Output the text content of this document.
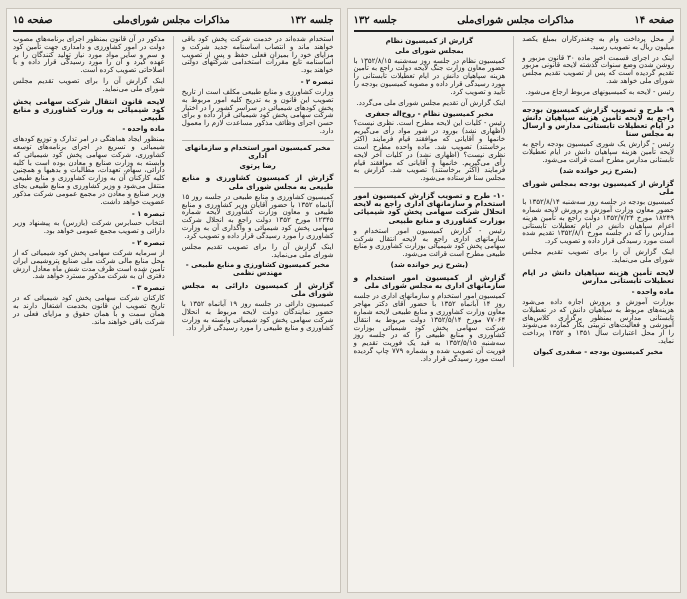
صفحه ۱۵	مذاکرات مجلس شورای‌ملی	جلسه ۱۳۲
استخدام شده‌اند در خدمت شرکت پخش کود باقی خواهند ماند و انتصاب اساسنامه جدید شرکت و مزایای خود را بمیزان فعلی حفظ و پس از تصویب اساسنامه تابع مقررات استخدامی شرکتهای دولتی خواهند بود.
تبصره ۲ -
وزارت کشاورزی و منابع طبیعی مکلف است از تاریخ تصویب این قانون و به تدریج کلیه امور مربوط به پخش کودهای شیمیائی در سراسر کشور را در اختیار شرکت سهامی پخش کود شیمیائی قرار داده و برای حسن اجرای وظائف مذکور مساعدت لازم را معمول دارد.
مخبر کمیسیون امور استخدام و سازمانهای اداری
رضا پرتوی
گزارش از کمیسیون کشاورزی و منابع طبیعی به مجلس شورای ملی
کمیسیون کشاورزی و منابع طبیعی در جلسه روز ۱۵ آبانماه ۱۳۵۲ با حضور آقایان وزیر کشاورزی و منابع طبیعی و معاون وزارت کشاورزی لایحه شماره ۱۲۳۴۵ مورخ ۱۳۵۲ دولت راجع به انحلال شرکت سهامی پخش کود شیمیائی و واگذاری آن به وزارت کشاورزی را مورد رسیدگی قرار داده و تصویب کرد.
اینک گزارش آن را برای تصویب تقدیم مجلس شورای ملی می‌نماید.
مخبر کمیسیون کشاورزی و منابع طبیعی - مهندس نظمی
گزارش از کمیسیون دارائی به مجلس شورای ملی
کمیسیون دارائی در جلسه روز ۱۹ آبانماه ۱۳۵۲ با حضور نمایندگان دولت لایحه مربوط به انحلال شرکت سهامی پخش کود شیمیائی وابسته به وزارت کشاورزی و منابع طبیعی را مورد رسیدگی قرار داد.
مذکور در آن قانون بمنظور اجرای برنامه‌های مصوب دولت در امور کشاورزی و دامداری جهت تأمین کود و سم و سایر مواد مورد نیاز تولید کنندگان را بر عهده گیرد و آن را مورد رسیدگی قرار داده و با اصلاحاتی تصویب کرده است.
اینک گزارش آن را برای تصویب تقدیم مجلس شورای ملی می‌نماید.
لایحه قانون انتقال شرکت سهامی پخش کود شیمیائی به وزارت کشاورزی و منابع طبیعی
ماده واحده -
بمنظور ایجاد هماهنگی در امر تدارک و توزیع کودهای شیمیائی و تسریع در اجرای برنامه‌های توسعه کشاورزی، شرکت سهامی پخش کود شیمیائی که وابسته به وزارت صنایع و معادن بوده است با کلیه دارائی، سهام، تعهدات، مطالبات و بدهیها و همچنین کلیه کارکنان آن به وزارت کشاورزی و منابع طبیعی منتقل می‌شود و وزیر کشاورزی و منابع طبیعی بجای وزیر صنایع و معادن در مجمع عمومی شرکت مذکور عضویت خواهد داشت.
تبصره ۱ -
انتخاب حسابرس شرکت (بازرس) به پیشنهاد وزیر دارائی و تصویب مجمع عمومی خواهد بود.
تبصره ۲ -
از سرمایه شرکت سهامی پخش کود شیمیائی که از محل منابع مالی شرکت ملی صنایع پتروشیمی ایران تأمین شده است ظرف مدت شش ماه معادل ارزش دفتری آن به شرکت مذکور مسترد خواهد شد.
تبصره ۳ -
کارکنان شرکت سهامی پخش کود شیمیائی که در تاریخ تصویب این قانون بخدمت اشتغال دارند به همان سمت و با همان حقوق و مزایای فعلی در شرکت باقی خواهند ماند.
جلسه ۱۳۲	مذاکرات مجلس شورای‌ملی	صفحه ۱۴
از محل پرداخت وام به چغندرکاران بمبلغ یکصد میلیون ریال به تصویب رسید.
اینک در اجرای قسمت اخیر ماده ۳۰ قانون مزبور و روشن شدن وضع سنوات گذشته لایحه قانونی مزبور تقدیم گردیده است که پس از تصویب تقدیم مجلس شورای ملی خواهد شد.
رئیس - لایحه به کمیسیونهای مربوط ارجاع می‌شود.
۹- طرح و تصویب گزارش کمیسیون بودجه راجع به لایحه تأمین هزینه سپاهیان دانش در ایام تعطیلات تابستانی مدارس و ارسال به مجلس سنا
رئیس - گزارش یک شوری کمیسیون بودجه راجع به لایحه تأمین هزینه سپاهیان دانش در ایام تعطیلات تابستانی مدارس مطرح است قرائت می‌شود.
(بشرح زیر خوانده شد)
گزارش از کمیسیون بودجه بمجلس شورای ملی
کمیسیون بودجه در جلسه روز سه‌شنبه ۱۳۵۲/۸/۱۴ با حضور معاون وزارت آموزش و پرورش لایحه شماره ۱۸۲۴۹ مورخ ۱۳۵۲/۷/۲۴ دولت راجع به تأمین هزینه اعزام سپاهیان دانش در ایام تعطیلات تابستانی مدارس را که در جلسه مورخ ۱۳۵۲/۸/۱ تقدیم شده است مورد رسیدگی قرار داده و تصویب کرد.
اینک گزارش آن را برای تصویب تقدیم مجلس شورای ملی می‌نماید.
لایحه تأمین هزینه سپاهیان دانش در ایام تعطیلات تابستانی مدارس
ماده واحده -
بوزارت آموزش و پرورش اجازه داده می‌شود هزینه‌های مربوط به سپاهیان دانش که در تعطیلات تابستانی مدارس بمنظور برگزاری کلاس‌های آموزشی و فعالیت‌های تربیتی بکار گمارده می‌شوند را از محل اعتبارات سال ۱۳۵۱ و ۱۳۵۲ پرداخت نماید.
مخبر کمیسیون بودجه - صفدری کیوان
گزارش از کمیسیون نظام
بمجلس شورای ملی
کمیسیون نظام در جلسه روز سه‌شنبه ۱۳۵۲/۸/۱۵ با حضور معاون وزارت جنگ لایحه دولت راجع به تأمین هزینه سپاهیان دانش در ایام تعطیلات تابستانی را مورد رسیدگی قرار داده و مصوبه کمیسیون بودجه را تأیید و تصویب کرد.
اینک گزارش آن تقدیم مجلس شورای ملی می‌گردد.
مخبر کمیسیون نظام - روح‌اله جعفری
رئیس - کلیات این لایحه مطرح است. نظری نیست؟ (اظهاری نشد) بورود در شور مواد رأی می‌گیریم خانمها و آقایانی که موافقند قیام فرمایند (اکثر برخاستند) تصویب شد. ماده واحده مطرح است نظری نیست؟ (اظهاری نشد) در کلیات آخر لایحه رأی می‌گیریم. خانمها و آقایانی که موافقند قیام فرمایند (اکثر برخاستند) تصویب شد. گزارش به مجلس سنا فرستاده می‌شود.
۱۰- طرح و تصویب گزارش کمیسیون امور استخدام و سازمانهای اداری راجع به لایحه انحلال شرکت سهامی پخش کود شیمیائی بوزارت کشاورزی و منابع طبیعی
رئیس - گزارش کمیسیون امور استخدام و سازمانهای اداری راجع به لایحه انتقال شرکت سهامی پخش کود شیمیائی بوزارت کشاورزی و منابع طبیعی مطرح است قرائت می‌شود.
(بشرح زیر خوانده شد)
گزارش از کمیسیون امور استخدام و سازمانهای اداری به مجلس شورای ملی
کمیسیون امور استخدام و سازمانهای اداری در جلسه روز ۱۴ آبانماه ۱۳۵۲ با حضور آقای دکتر مهاجر معاون وزارت کشاورزی و منابع طبیعی لایحه شماره ۷۷۰۶۴ مورخ ۱۳۵۲/۵/۱۴ دولت مربوط به انتقال شرکت سهامی پخش کود شیمیائی بوزارت کشاورزی و منابع طبیعی را که در جلسه روز سه‌شنبه ۱۳۵۲/۵/۱۵ به قید یک فوریت تقدیم و فوریت آن تصویب شده و بشماره ۷۷۹ چاپ گردیده است مورد رسیدگی قرار داد.
